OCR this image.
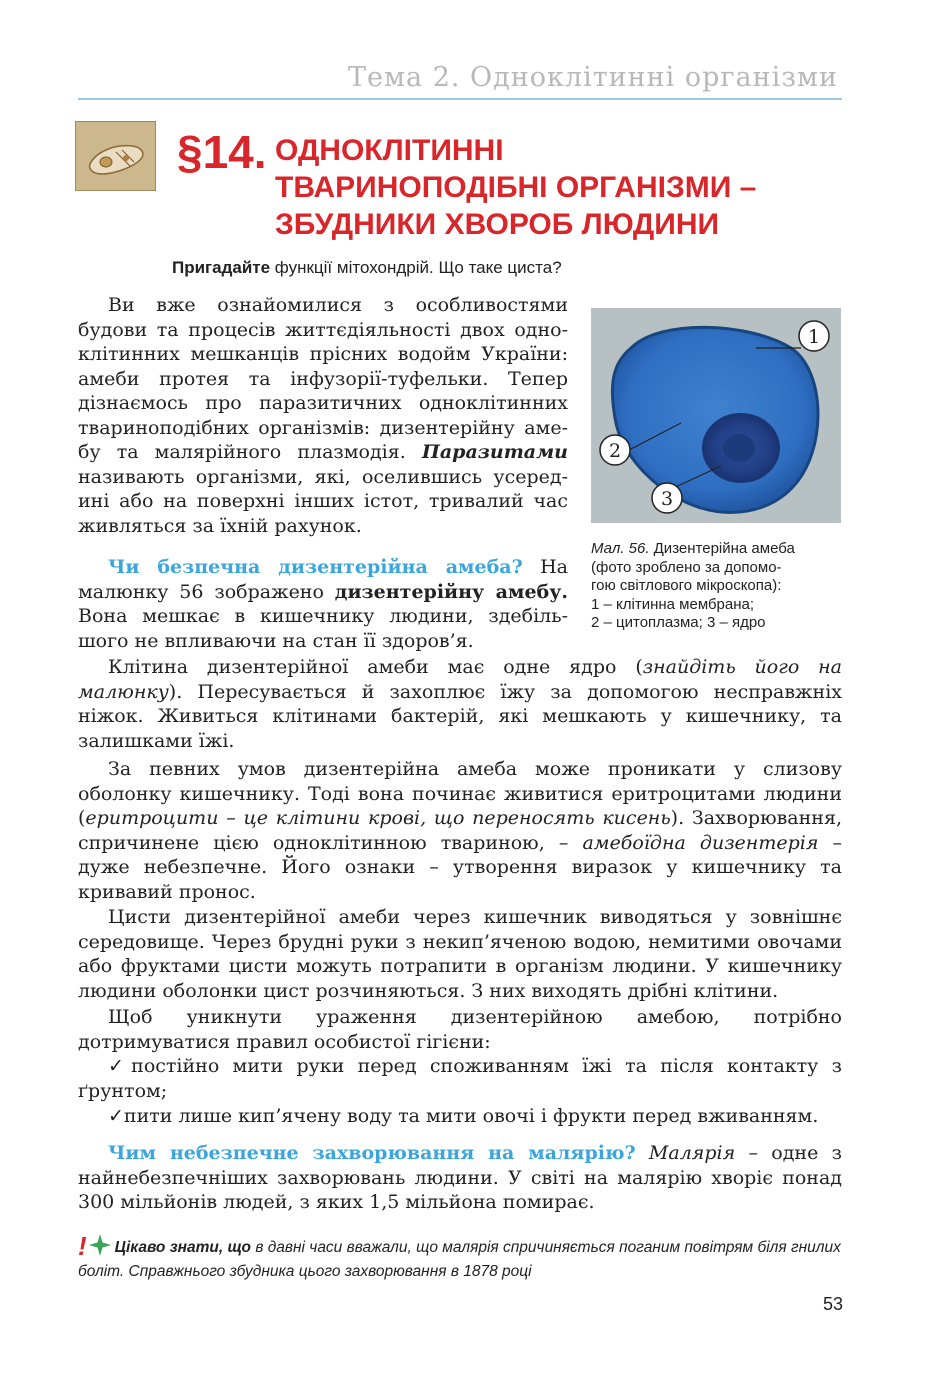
Тема 2. Одноклітинні організми
§14. ОДНОКЛІТИННІ
ТВАРИНОПОДІБНІ ОРГАНІЗМИ –
ЗБУДНИКИ ХВОРОБ ЛЮДИНИ
Пригадайте функції мітохондрій. Що таке циста?
Ви вже ознайомилися з особливостями
будови та процесів життєдіяльності двох одно-
клітинних мешканців прісних водойм України:
амеби протея та інфузорії-туфельки. Тепер
дізнаємось про паразитичних одноклітинних
твариноподібних організмів: дизентерійну аме-
бу та малярійного плазмодія. Паразитами
називають організми, які, оселившись усеред-
ині або на поверхні інших істот, тривалий час
живляться за їхній рахунок.
Чи безпечна дизентерійна амеба? На
малюнку 56 зображено дизентерійну амебу.
Вона мешкає в кишечнику людини, здебіль-
шого не впливаючи на стан її здоров’я.
1
2
3
Мал. 56. Дизентерійна амеба
(фото зроблено за допомо-
гою світлового мікроскопа):
1 – клітинна мембрана;
2 – цитоплазма; 3 – ядро
Клітина дизентерійної амеби має одне ядро (знайдіть його на малюнку). Пересувається й захоплює їжу за допомогою несправжніх ніжок. Живиться клітинами бактерій, які мешкають у кишечнику, та залишками їжі.
За певних умов дизентерійна амеба може проникати у слизову оболонку кишечнику. Тоді вона починає живитися еритроцитами людини (еритроцити – це клітини крові, що переносять кисень). Захворювання, спричинене цією одноклітинною твариною, – амебоїдна дизентерія – дуже небезпечне. Його ознаки – утворення виразок у кишечнику та кривавий пронос.
Цисти дизентерійної амеби через кишечник виводяться у зовнішнє середовище. Через брудні руки з некип’яченою водою, немитими овочами або фруктами цисти можуть потрапити в організм людини. У кишечнику людини оболонки цист розчиняються. З них виходять дрібні клітини.
Щоб уникнути ураження дизентерійною амебою, потрібно дотримуватися правил особистої гігієни:
✓постійно мити руки перед споживанням їжі та після контакту з
ґрунтом;
✓пити лише кип’ячену воду та мити овочі і фрукти перед вживанням.
Чим небезпечне захворювання на малярію? Малярія – одне з найнебезпечніших захворювань людини. У світі на малярію хворіє понад 300 мільйонів людей, з яких 1,5 мільйона помирає.
! Цікаво знати, що в давні часи вважали, що малярія спричиняється поганим повітрям біля гнилих боліт. Справжнього збудника цього захворювання в 1878 році
53
